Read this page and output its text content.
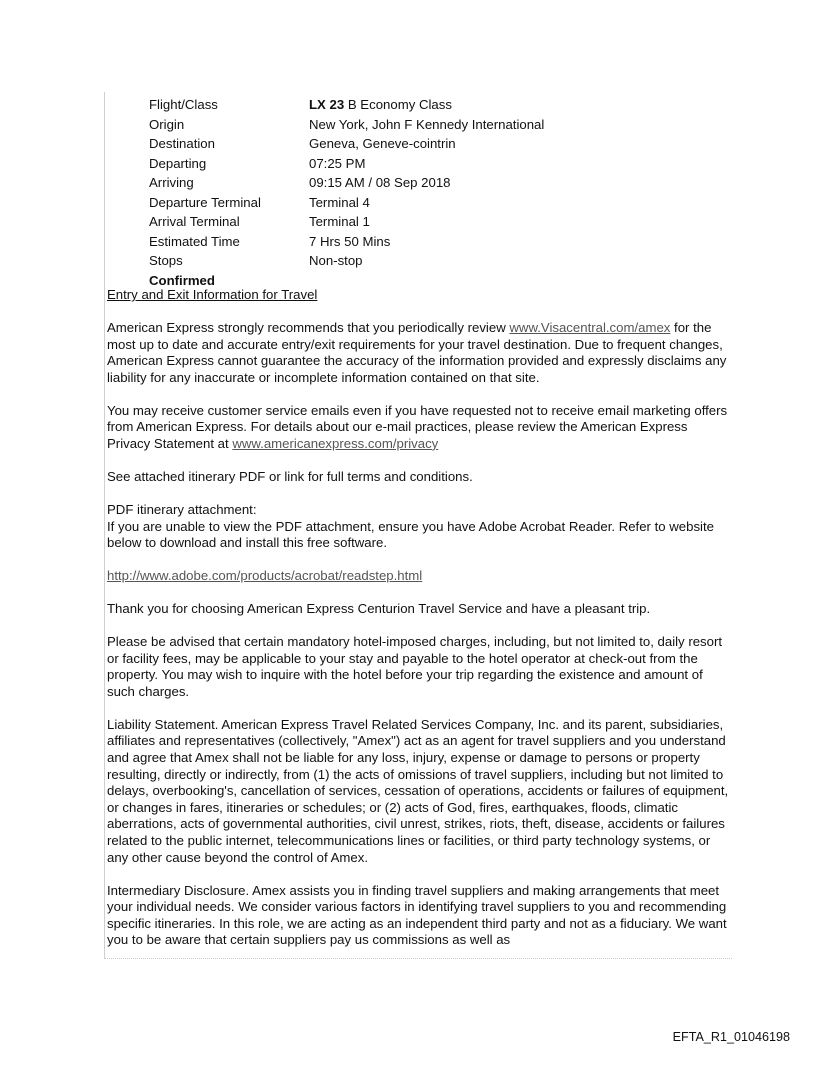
Flight/Class	LX 23 B Economy Class
Origin	New York, John F Kennedy International
Destination	Geneva, Geneve-cointrin
Departing	07:25 PM
Arriving	09:15 AM / 08 Sep 2018
Departure Terminal	Terminal 4
Arrival Terminal	Terminal 1
Estimated Time	7 Hrs 50 Mins
Stops	Non-stop
Confirmed	
Entry and Exit Information for Travel

American Express strongly recommends that you periodically review www.Visacentral.com/amex for the most up to date and accurate entry/exit requirements for your travel destination. Due to frequent changes, American Express cannot guarantee the accuracy of the information provided and expressly disclaims any liability for any inaccurate or incomplete information contained on that site.

You may receive customer service emails even if you have requested not to receive email marketing offers from American Express. For details about our e-mail practices, please review the American Express Privacy Statement at www.americanexpress.com/privacy

See attached itinerary PDF or link for full terms and conditions.

PDF itinerary attachment:
If you are unable to view the PDF attachment, ensure you have Adobe Acrobat Reader. Refer to website below to download and install this free software.

http://www.adobe.com/products/acrobat/readstep.html

Thank you for choosing American Express Centurion Travel Service and have a pleasant trip.

Please be advised that certain mandatory hotel-imposed charges, including, but not limited to, daily resort or facility fees, may be applicable to your stay and payable to the hotel operator at check-out from the property. You may wish to inquire with the hotel before your trip regarding the existence and amount of such charges.

Liability Statement. American Express Travel Related Services Company, Inc. and its parent, subsidiaries, affiliates and representatives (collectively, "Amex") act as an agent for travel suppliers and you understand and agree that Amex shall not be liable for any loss, injury, expense or damage to persons or property resulting, directly or indirectly, from (1) the acts of omissions of travel suppliers, including but not limited to delays, overbooking's, cancellation of services, cessation of operations, accidents or failures of equipment, or changes in fares, itineraries or schedules; or (2) acts of God, fires, earthquakes, floods, climatic aberrations, acts of governmental authorities, civil unrest, strikes, riots, theft, disease, accidents or failures related to the public internet, telecommunications lines or facilities, or third party technology systems, or any other cause beyond the control of Amex.

Intermediary Disclosure. Amex assists you in finding travel suppliers and making arrangements that meet your individual needs. We consider various factors in identifying travel suppliers to you and recommending specific itineraries. In this role, we are acting as an independent third party and not as a fiduciary. We want you to be aware that certain suppliers pay us commissions as well as

EFTA_R1_01046198
